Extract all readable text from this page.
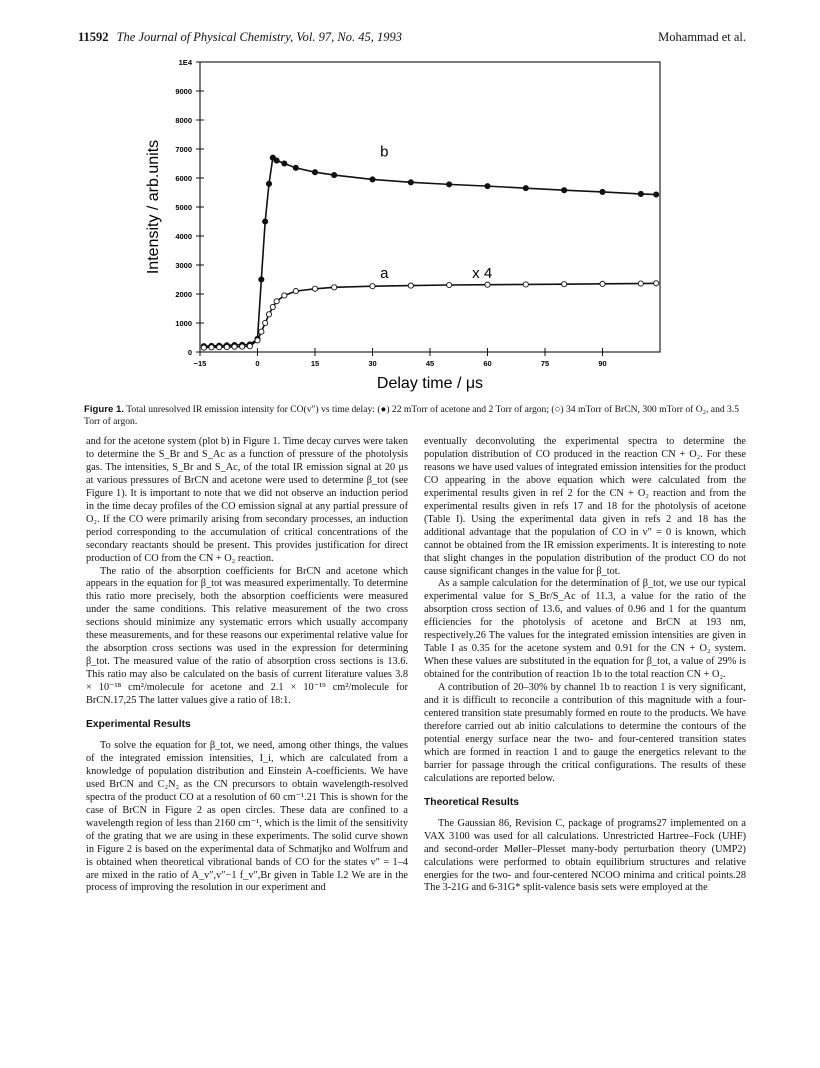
11592 The Journal of Physical Chemistry, Vol. 97, No. 45, 1993	Mohammad et al.
0
1000
2000
3000
4000
5000
6000
7000
8000
9000
1E4
−15	0	15	30	45	60	75	90
Delay time / μs
Intensity / arb.units	b
a	x 4
Figure 1. Total unresolved IR emission intensity for CO(v″) vs time delay: (●) 22 mTorr of acetone and 2 Torr of argon; (○) 34 mTorr of BrCN, 300 mTorr of O₂, and 3.5 Torr of argon.

and for the acetone system (plot b) in Figure 1. Time decay curves were taken to determine the S_Br and S_Ac as a function of pressure of the photolysis gas. The intensities, S_Br and S_Ac, of the total IR emission signal at 20 μs at various pressures of BrCN and acetone were used to determine β_tot (see Figure 1). It is important to note that we did not observe an induction period in the time decay profiles of the CO emission signal at any partial pressure of O₂. If the CO were primarily arising from secondary processes, an induction period corresponding to the accumulation of critical concentrations of the secondary reactants should be present. This provides justification for direct production of CO from the CN + O₂ reaction.

The ratio of the absorption coefficients for BrCN and acetone which appears in the equation for β_tot was measured experimentally. To determine this ratio more precisely, both the absorption coefficients were measured under the same conditions. This relative measurement of the two cross sections should minimize any systematic errors which usually accompany these measurements, and for these reasons our experimental relative value for the absorption cross sections was used in the expression for determining β_tot. The measured value of the ratio of absorption cross sections is 13.6. This ratio may also be calculated on the basis of current literature values 3.8 × 10⁻¹⁸ cm²/molecule for acetone and 2.1 × 10⁻¹⁹ cm²/molecule for BrCN.17,25 The latter values give a ratio of 18:1.

Experimental Results

To solve the equation for β_tot, we need, among other things, the values of the integrated emission intensities, I_i, which are calculated from a knowledge of population distribution and Einstein A-coefficients. We have used BrCN and C₂N₂ as the CN precursors to obtain wavelength-resolved spectra of the product CO at a resolution of 60 cm⁻¹.21 This is shown for the case of BrCN in Figure 2 as open circles. These data are confined to a wavelength region of less than 2160 cm⁻¹, which is the limit of the sensitivity of the grating that we are using in these experiments. The solid curve shown in Figure 2 is based on the experimental data of Schmatjko and Wolfrum and is obtained when theoretical vibrational bands of CO for the states v″ = 1–4 are mixed in the ratio of A_v″,v″−1 f_v″,Br given in Table I.2 We are in the process of improving the resolution in our experiment and

eventually deconvoluting the experimental spectra to determine the population distribution of CO produced in the reaction CN + O₂. For these reasons we have used values of integrated emission intensities for the product CO appearing in the above equation which were calculated from the experimental results given in ref 2 for the CN + O₂ reaction and from the experimental results given in refs 17 and 18 for the photolysis of acetone (Table I). Using the experimental data given in refs 2 and 18 has the additional advantage that the population of CO in v″ = 0 is known, which cannot be obtained from the IR emission experiments. It is interesting to note that slight changes in the population distribution of the product CO do not cause significant changes in the value for β_tot.

As a sample calculation for the determination of β_tot, we use our typical experimental value for S_Br/S_Ac of 11.3, a value for the ratio of the absorption cross section of 13.6, and values of 0.96 and 1 for the quantum efficiencies for the photolysis of acetone and BrCN at 193 nm, respectively.26 The values for the integrated emission intensities are given in Table I as 0.35 for the acetone system and 0.91 for the CN + O₂ system. When these values are substituted in the equation for β_tot, a value of 29% is obtained for the contribution of reaction 1b to the total reaction CN + O₂.

A contribution of 20–30% by channel 1b to reaction 1 is very significant, and it is difficult to reconcile a contribution of this magnitude with a four-centered transition state presumably formed en route to the products. We have therefore carried out ab initio calculations to determine the contours of the potential energy surface near the two- and four-centered transition states which are formed in reaction 1 and to gauge the energetics relevant to the barrier for passage through the critical configurations. The results of these calculations are reported below.

Theoretical Results

The Gaussian 86, Revision C, package of programs27 implemented on a VAX 3100 was used for all calculations. Unrestricted Hartree–Fock (UHF) and second-order Møller–Plesset many-body perturbation theory (UMP2) calculations were performed to obtain equilibrium structures and relative energies for the two- and four-centered NCOO minima and critical points.28 The 3-21G and 6-31G* split-valence basis sets were employed at the
